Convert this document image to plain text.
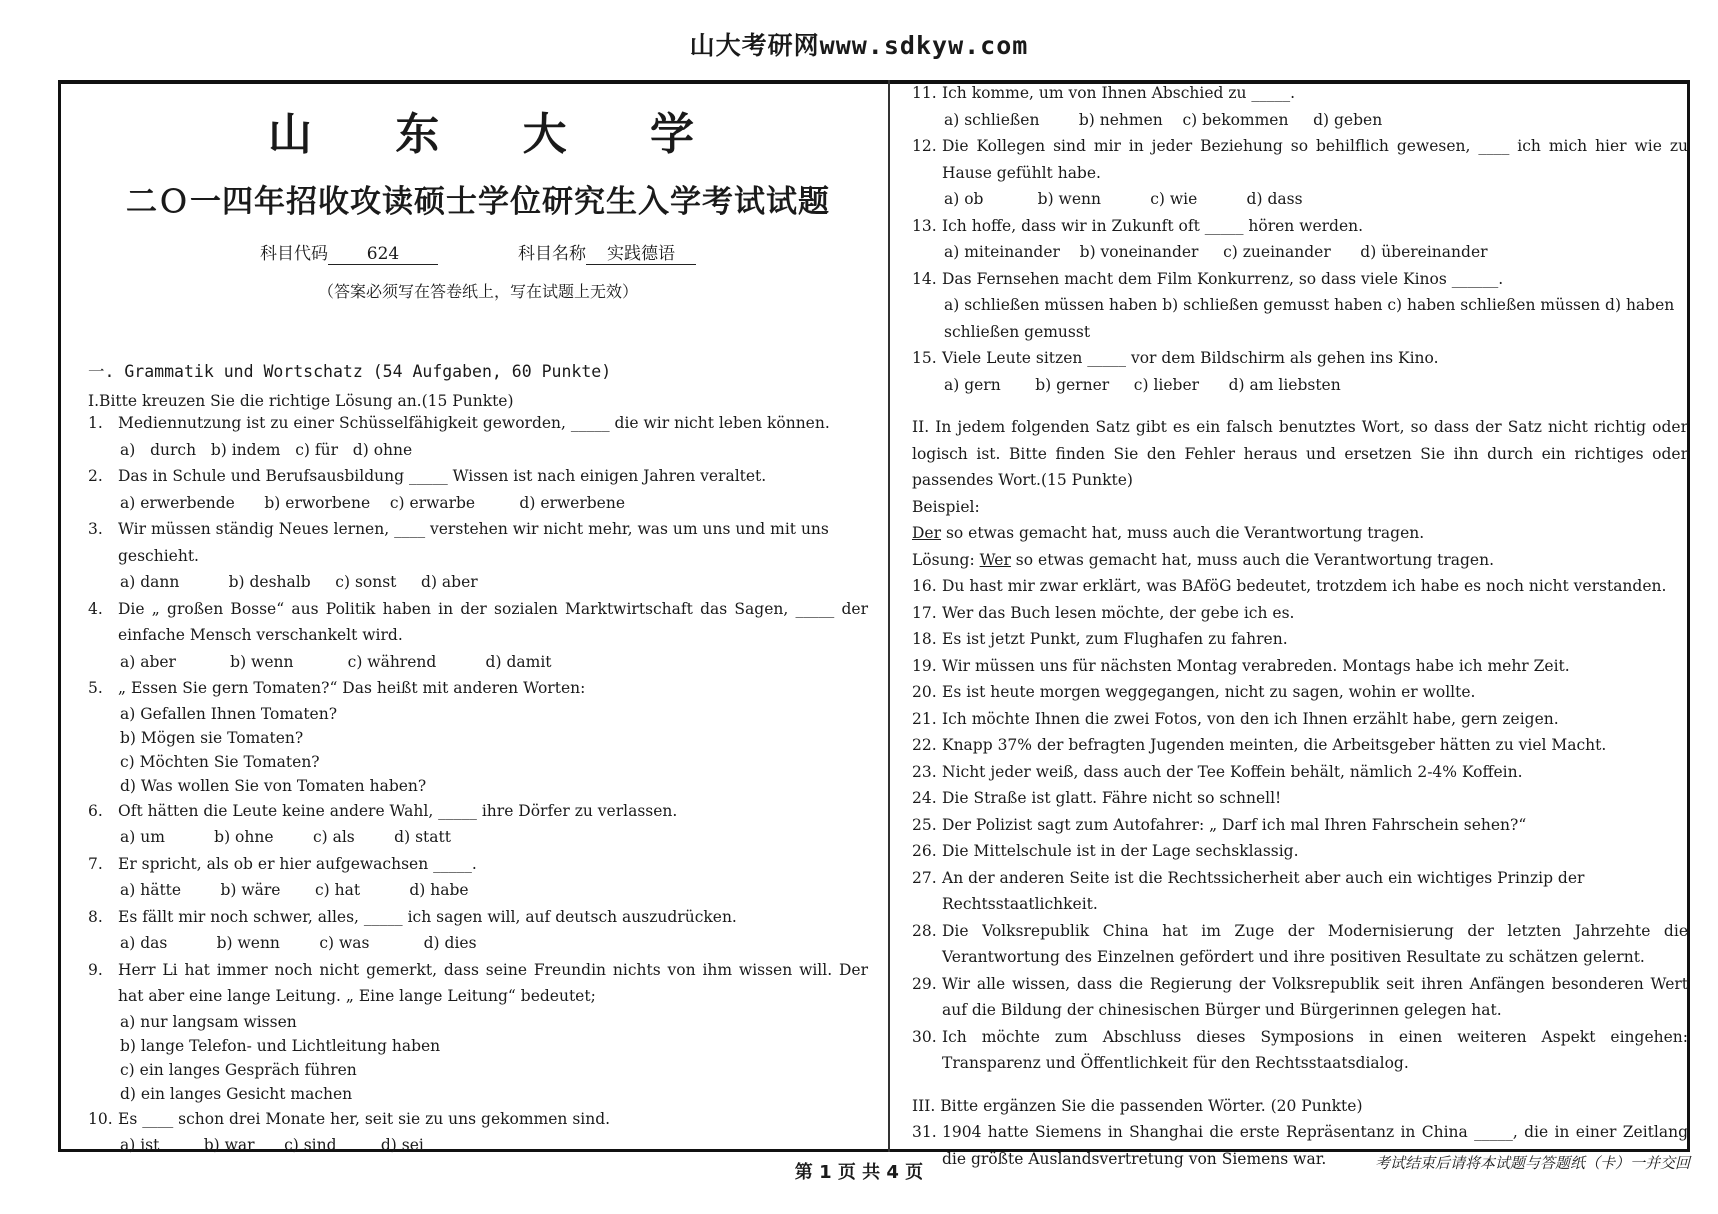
山大考研网www.sdkyw.com
山 东 大 学
二Ｏ一四年招收攻读硕士学位研究生入学考试试题
科目代码 624	科目名称 实践德语
（答案必须写在答卷纸上，写在试题上无效）
一. Grammatik und Wortschatz (54 Aufgaben, 60 Punkte)
I.Bitte kreuzen Sie die richtige Lösung an.(15 Punkte)
1. Mediennutzung ist zu einer Schüsselfähigkeit geworden, _____ die wir nicht leben können.
a)   durch   b) indem   c) für   d) ohne
2. Das in Schule und Berufsausbildung _____ Wissen ist nach einigen Jahren veraltet.
a) erwerbende      b) erworbene    c) erwarbe         d) erwerbene
3. Wir müssen ständig Neues lernen, ____ verstehen wir nicht mehr, was um uns und mit uns geschieht.
a) dann          b) deshalb     c) sonst     d) aber
4. Die „ großen Bosse“ aus Politik haben in der sozialen Marktwirtschaft das Sagen, _____ der einfache Mensch verschankelt wird.
a) aber           b) wenn           c) während          d) damit
5. „ Essen Sie gern Tomaten?“ Das heißt mit anderen Worten:
a) Gefallen Ihnen Tomaten?
b) Mögen sie Tomaten?
c) Möchten Sie Tomaten?
d) Was wollen Sie von Tomaten haben?
6. Oft hätten die Leute keine andere Wahl, _____ ihre Dörfer zu verlassen.
a) um          b) ohne        c) als        d) statt
7. Er spricht, als ob er hier aufgewachsen _____.
a) hätte        b) wäre       c) hat          d) habe
8. Es fällt mir noch schwer, alles, _____ ich sagen will, auf deutsch auszudrücken.
a) das          b) wenn        c) was           d) dies
9. Herr Li hat immer noch nicht gemerkt, dass seine Freundin nichts von ihm wissen will. Der hat aber eine lange Leitung. „ Eine lange Leitung“ bedeutet;
a) nur langsam wissen
b) lange Telefon- und Lichtleitung haben
c) ein langes Gespräch führen
d) ein langes Gesicht machen
10. Es ____ schon drei Monate her, seit sie zu uns gekommen sind.
a) ist         b) war      c) sind         d) sei
11. Ich komme, um von Ihnen Abschied zu _____.
a) schließen        b) nehmen    c) bekommen     d) geben
12. Die Kollegen sind mir in jeder Beziehung so behilflich gewesen, ____ ich mich hier wie zu Hause gefühlt habe.
a) ob           b) wenn          c) wie          d) dass
13. Ich hoffe, dass wir in Zukunft oft _____ hören werden.
a) miteinander    b) voneinander     c) zueinander      d) übereinander
14. Das Fernsehen macht dem Film Konkurrenz, so dass viele Kinos ______.
a) schließen müssen haben b) schließen gemusst haben c) haben schließen müssen d) haben schließen gemusst
15. Viele Leute sitzen _____ vor dem Bildschirm als gehen ins Kino.
a) gern       b) gerner     c) lieber      d) am liebsten
II. In jedem folgenden Satz gibt es ein falsch benutztes Wort, so dass der Satz nicht richtig oder logisch ist. Bitte finden Sie den Fehler heraus und ersetzen Sie ihn durch ein richtiges oder passendes Wort.(15 Punkte)
Beispiel:
Der so etwas gemacht hat, muss auch die Verantwortung tragen.
Lösung: Wer so etwas gemacht hat, muss auch die Verantwortung tragen.
16. Du hast mir zwar erklärt, was BAföG bedeutet, trotzdem ich habe es noch nicht verstanden.
17. Wer das Buch lesen möchte, der gebe ich es.
18. Es ist jetzt Punkt, zum Flughafen zu fahren.
19. Wir müssen uns für nächsten Montag verabreden. Montags habe ich mehr Zeit.
20. Es ist heute morgen weggegangen, nicht zu sagen, wohin er wollte.
21. Ich möchte Ihnen die zwei Fotos, von den ich Ihnen erzählt habe, gern zeigen.
22. Knapp 37% der befragten Jugenden meinten, die Arbeitsgeber hätten zu viel Macht.
23. Nicht jeder weiß, dass auch der Tee Koffein behält, nämlich 2-4% Koffein.
24. Die Straße ist glatt. Fähre nicht so schnell!
25. Der Polizist sagt zum Autofahrer: „ Darf ich mal Ihren Fahrschein sehen?“
26. Die Mittelschule ist in der Lage sechsklassig.
27. An der anderen Seite ist die Rechtssicherheit aber auch ein wichtiges Prinzip der Rechtsstaatlichkeit.
28. Die Volksrepublik China hat im Zuge der Modernisierung der letzten Jahrzehte die Verantwortung des Einzelnen gefördert und ihre positiven Resultate zu schätzen gelernt.
29. Wir alle wissen, dass die Regierung der Volksrepublik seit ihren Anfängen besonderen Wert auf die Bildung der chinesischen Bürger und Bürgerinnen gelegen hat.
30. Ich möchte zum Abschluss dieses Symposions in einen weiteren Aspekt eingehen: Transparenz und Öffentlichkeit für den Rechtsstaatsdialog.
III. Bitte ergänzen Sie die passenden Wörter. (20 Punkte)
31. 1904 hatte Siemens in Shanghai die erste Repräsentanz in China _____, die in einer Zeitlang die größte Auslandsvertretung von Siemens war.
第 1 页 共 4 页	考试结束后请将本试题与答题纸（卡）一并交回
